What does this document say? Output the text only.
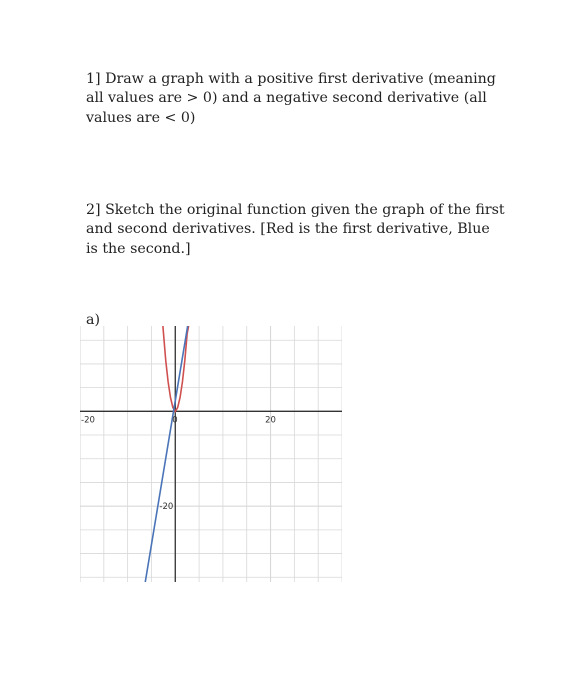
1] Draw a graph with a positive first derivative (meaning all values are > 0) and a negative second derivative (all values are < 0)

2] Sketch the original function given the graph of the first and second derivatives. [Red is the first derivative, Blue is the second.]

a)

-20	0	20
-20
